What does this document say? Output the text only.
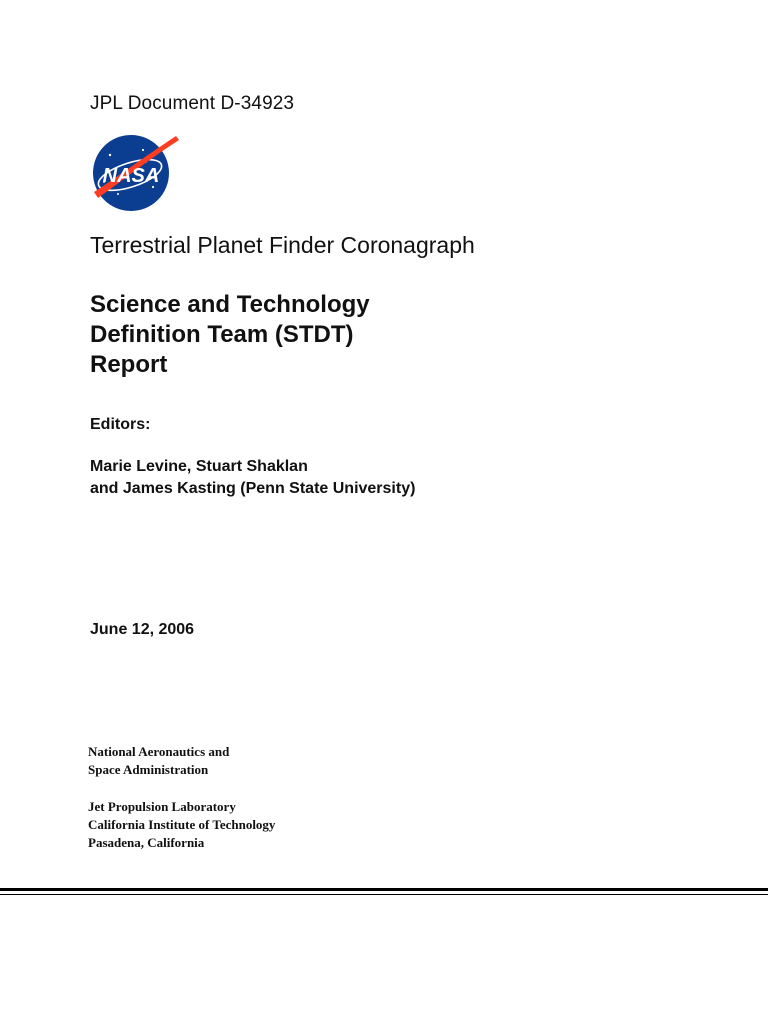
JPL Document D-34923
NASA
Terrestrial Planet Finder Coronagraph
Science and Technology
Definition Team (STDT)
Report
Editors:
Marie Levine, Stuart Shaklan
and James Kasting (Penn State University)
June 12, 2006
National Aeronautics and
Space Administration
Jet Propulsion Laboratory
California Institute of Technology
Pasadena, California
